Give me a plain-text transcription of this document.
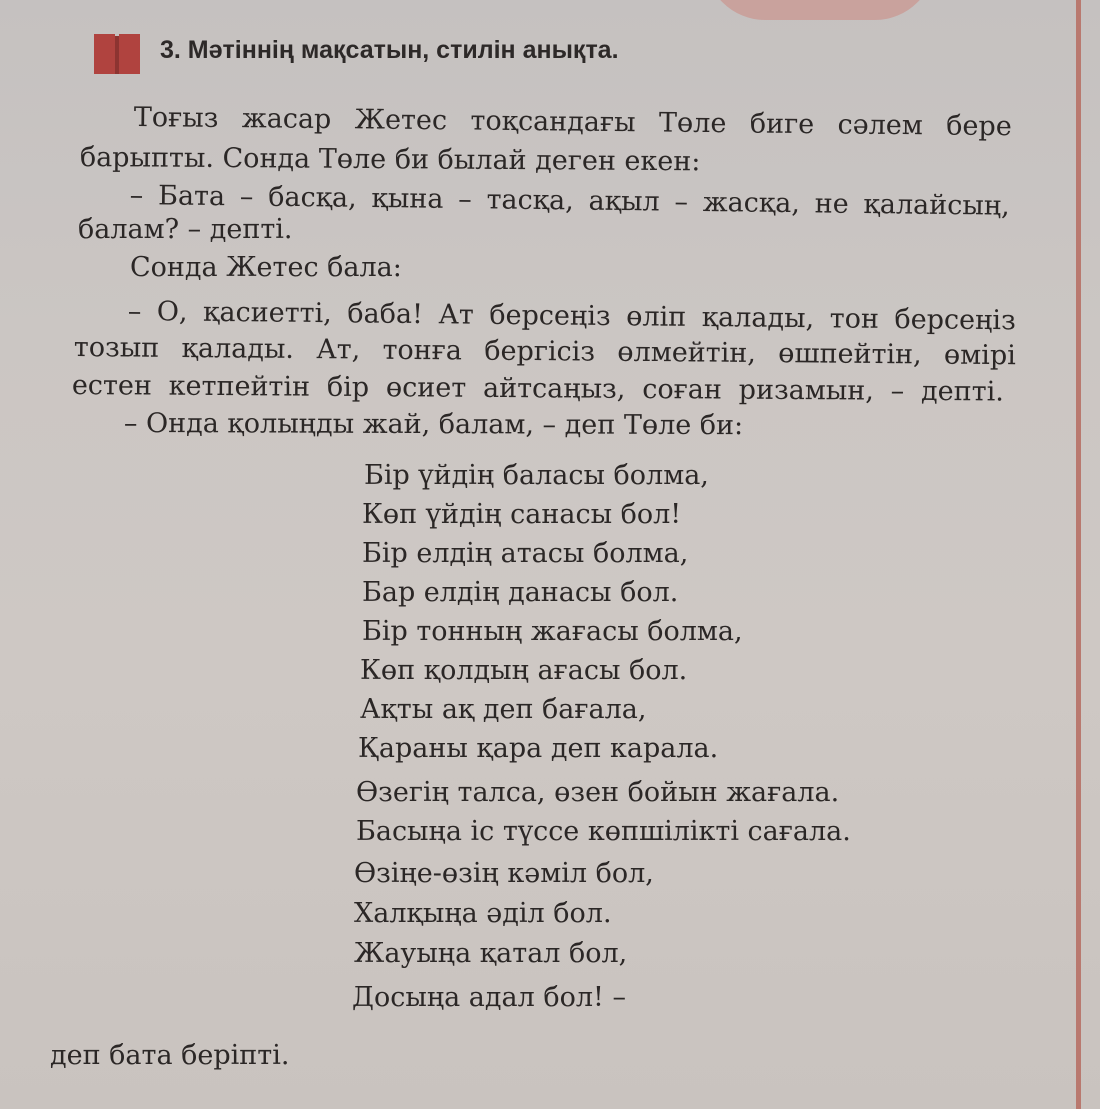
3. Мәтіннің мақсатын, стилін анықта.
Тоғыз жасар Жетес тоқсандағы Төле биге сәлем бере
барыпты. Сонда Төле би былай деген екен:
– Бата – басқа, қына – тасқа, ақыл – жасқа, не қалайсың,
балам? – депті.
Сонда Жетес бала:
– О, қасиетті, баба! Ат берсеңіз өліп қалады, тон берсеңіз
тозып қалады. Ат, тонға бергісіз өлмейтін, өшпейтін, өмірі
естен кетпейтін бір өсиет айтсаңыз, соған ризамын, – депті.
– Онда қолыңды жай, балам, – деп Төле би:
Бір үйдің баласы болма,
Көп үйдің санасы бол!
Бір елдің атасы болма,
Бар елдің данасы бол.
Бір тонның жағасы болма,
Көп қолдың ағасы бол.
Ақты ақ деп бағала,
Қараны қара деп карала.
Өзегің талса, өзен бойын жағала.
Басыңа іс түссе көпшілікті сағала.
Өзіңе-өзің кәміл бол,
Халқыңа әділ бол.
Жауыңа қатал бол,
Досыңа адал бол! –
деп бата беріпті.
